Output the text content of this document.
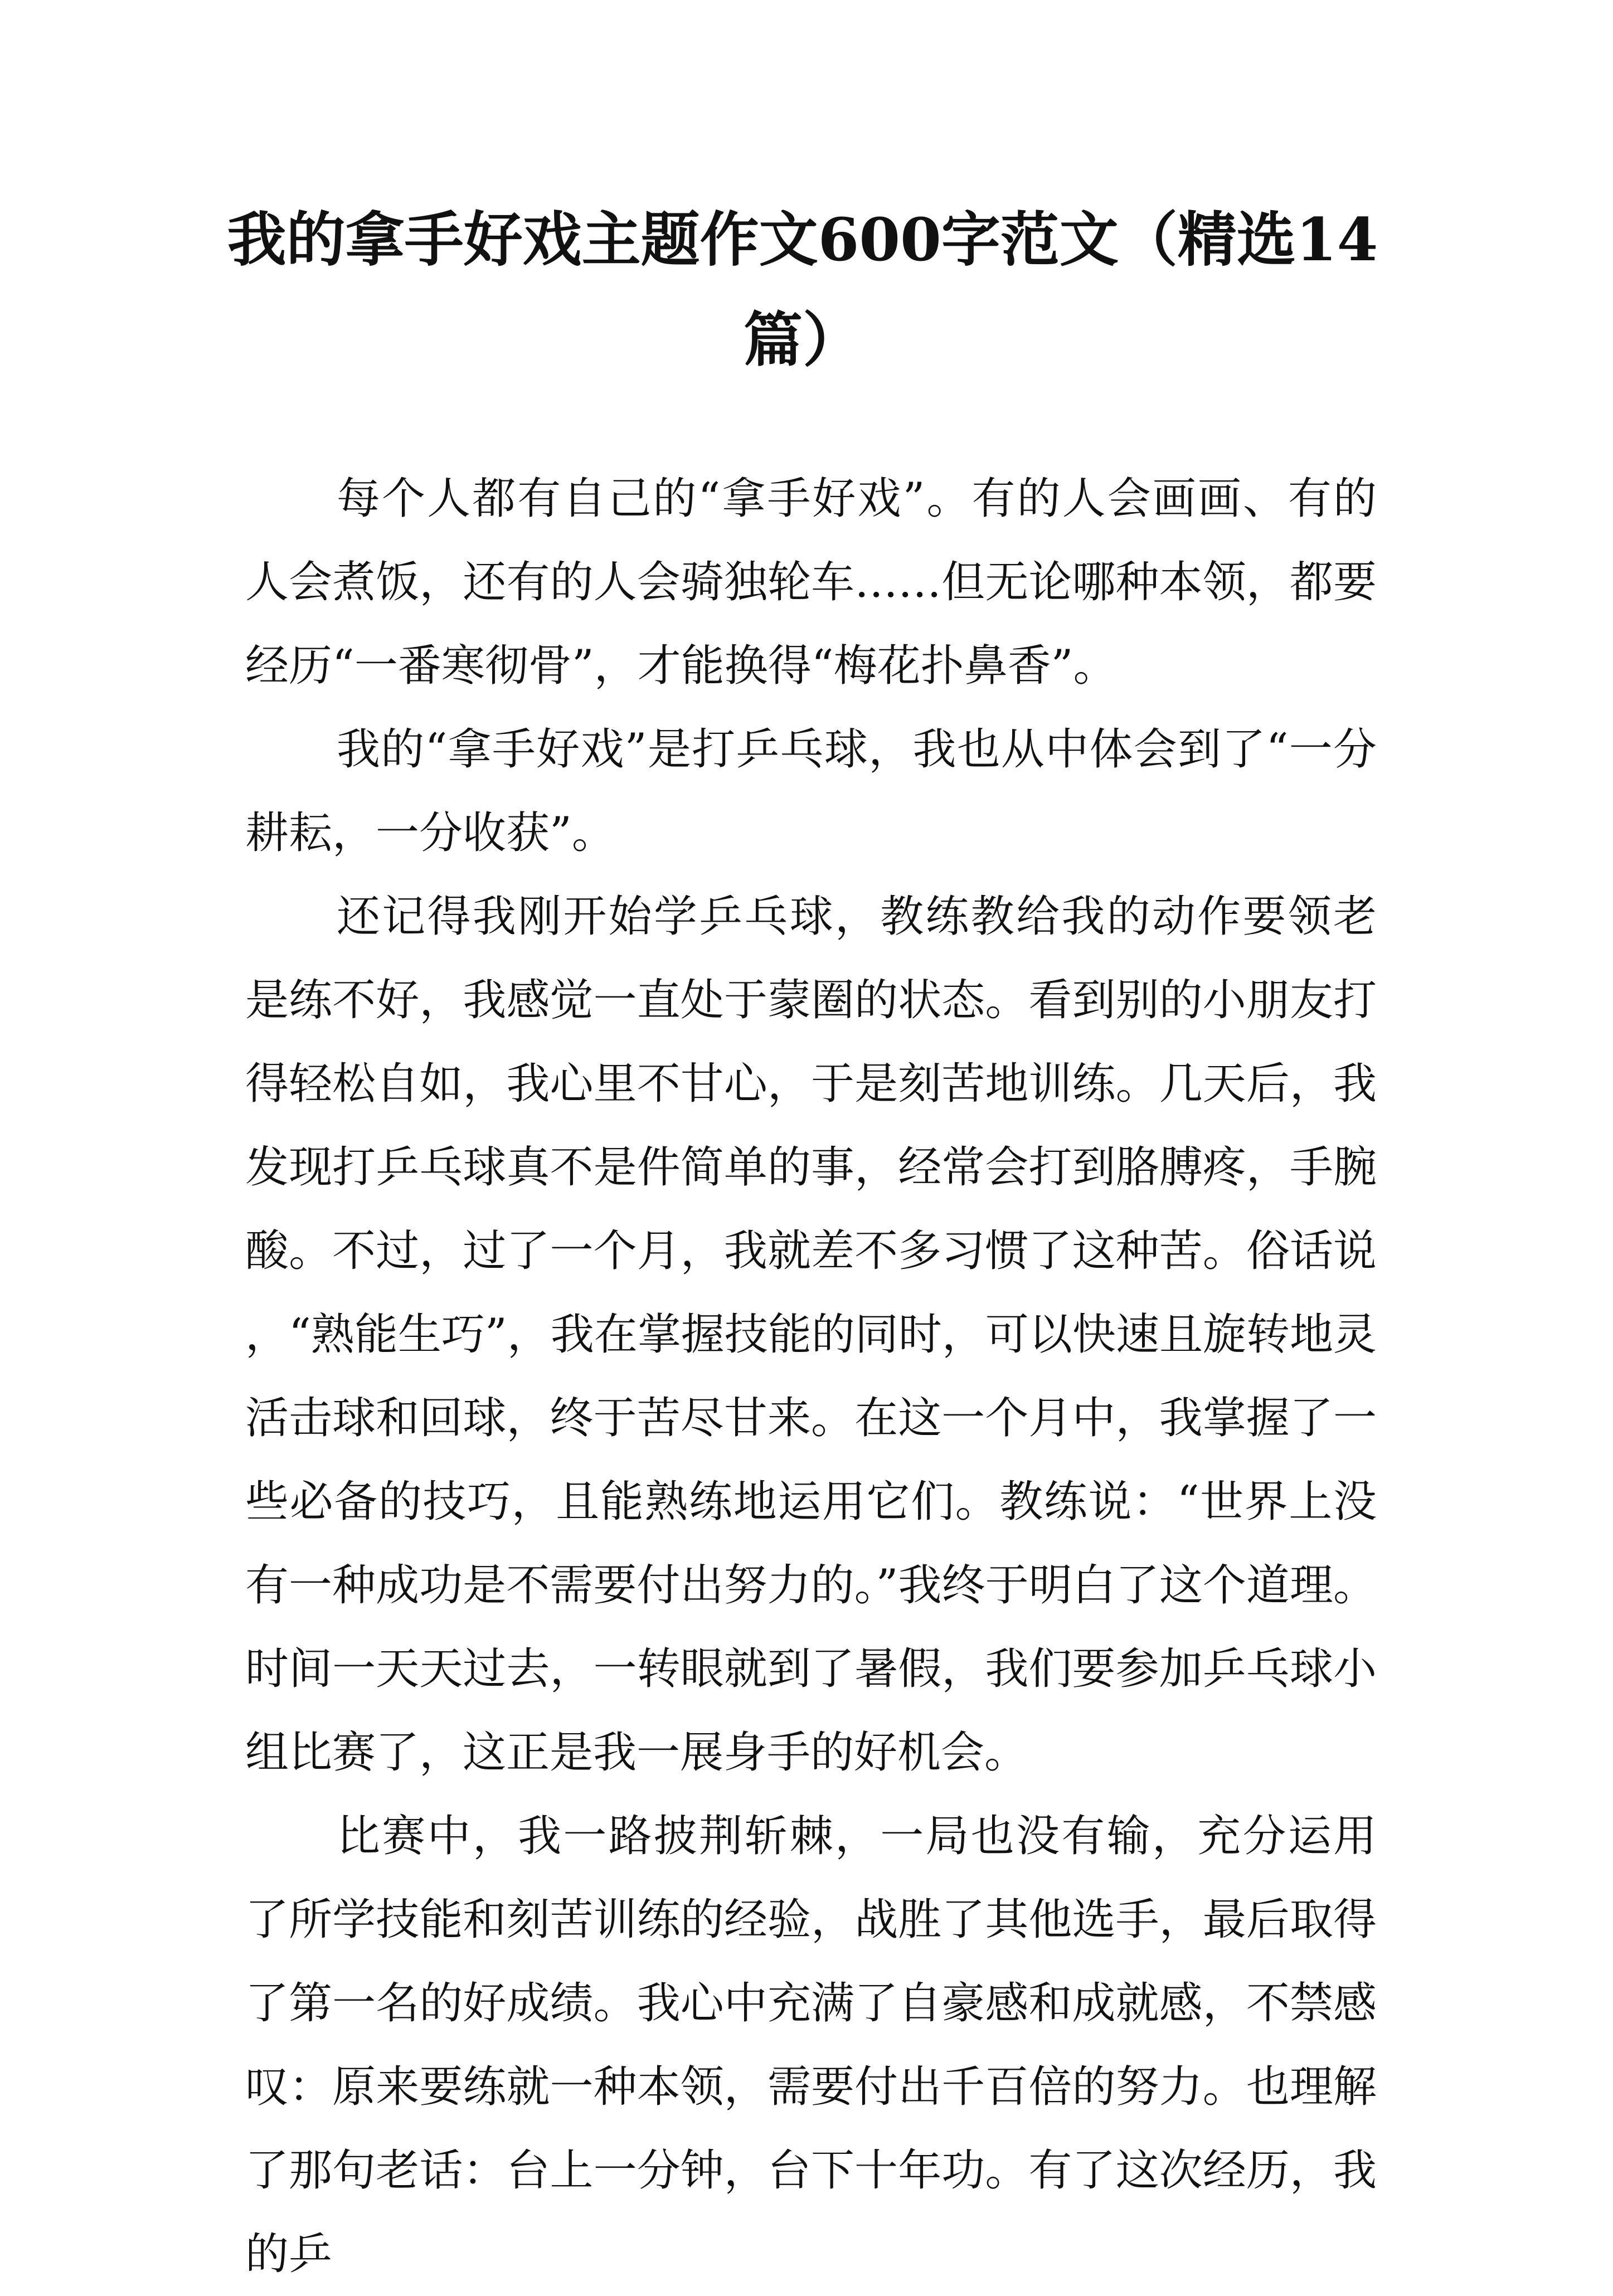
我的拿手好戏主题作文600字范文（精选14篇）

每个人都有自己的“拿手好戏”。有的人会画画、有的人会煮饭，还有的人会骑独轮车……但无论哪种本领，都要经历“一番寒彻骨”，才能换得“梅花扑鼻香”。

我的“拿手好戏”是打乒乓球，我也从中体会到了“一分耕耘，一分收获”。

还记得我刚开始学乒乓球，教练教给我的动作要领老是练不好，我感觉一直处于蒙圈的状态。看到别的小朋友打得轻松自如，我心里不甘心，于是刻苦地训练。几天后，我发现打乒乓球真不是件简单的事，经常会打到胳膊疼，手腕酸。不过，过了一个月，我就差不多习惯了这种苦。俗话说，“熟能生巧”，我在掌握技能的同时，可以快速且旋转地灵活击球和回球，终于苦尽甘来。在这一个月中，我掌握了一些必备的技巧，且能熟练地运用它们。教练说：“世界上没有一种成功是不需要付出努力的。”我终于明白了这个道理。时间一天天过去，一转眼就到了暑假，我们要参加乒乓球小组比赛了，这正是我一展身手的好机会。

比赛中，我一路披荆斩棘，一局也没有输，充分运用了所学技能和刻苦训练的经验，战胜了其他选手，最后取得了第一名的好成绩。我心中充满了自豪感和成就感，不禁感叹：原来要练就一种本领，需要付出千百倍的努力。也理解了那句老话：台上一分钟，台下十年功。有了这次经历，我的乒
